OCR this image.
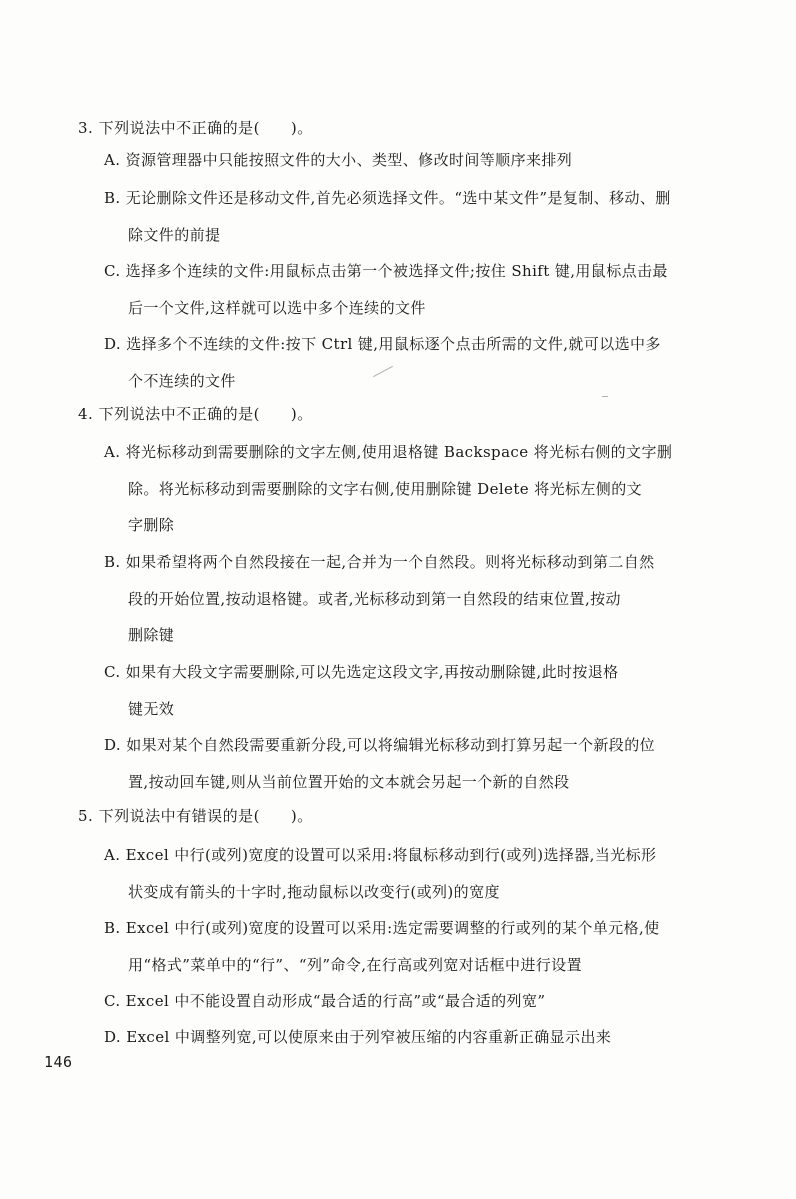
3. 下列说法中不正确的是(　　)。
A. 资源管理器中只能按照文件的大小、类型、修改时间等顺序来排列
B. 无论删除文件还是移动文件,首先必须选择文件。“选中某文件”是复制、移动、删
除文件的前提
C. 选择多个连续的文件:用鼠标点击第一个被选择文件;按住 Shift 键,用鼠标点击最
后一个文件,这样就可以选中多个连续的文件
D. 选择多个不连续的文件:按下 Ctrl 键,用鼠标逐个点击所需的文件,就可以选中多
个不连续的文件
4. 下列说法中不正确的是(　　)。
A. 将光标移动到需要删除的文字左侧,使用退格键 Backspace 将光标右侧的文字删
除。将光标移动到需要删除的文字右侧,使用删除键 Delete 将光标左侧的文
字删除
B. 如果希望将两个自然段接在一起,合并为一个自然段。则将光标移动到第二自然
段的开始位置,按动退格键。或者,光标移动到第一自然段的结束位置,按动
删除键
C. 如果有大段文字需要删除,可以先选定这段文字,再按动删除键,此时按退格
键无效
D. 如果对某个自然段需要重新分段,可以将编辑光标移动到打算另起一个新段的位
置,按动回车键,则从当前位置开始的文本就会另起一个新的自然段
5. 下列说法中有错误的是(　　)。
A. Excel 中行(或列)宽度的设置可以采用:将鼠标移动到行(或列)选择器,当光标形
状变成有箭头的十字时,拖动鼠标以改变行(或列)的宽度
B. Excel 中行(或列)宽度的设置可以采用:选定需要调整的行或列的某个单元格,使
用“格式”菜单中的“行”、“列”命令,在行高或列宽对话框中进行设置
C. Excel 中不能设置自动形成“最合适的行高”或“最合适的列宽”
D. Excel 中调整列宽,可以使原来由于列窄被压缩的内容重新正确显示出来
146
